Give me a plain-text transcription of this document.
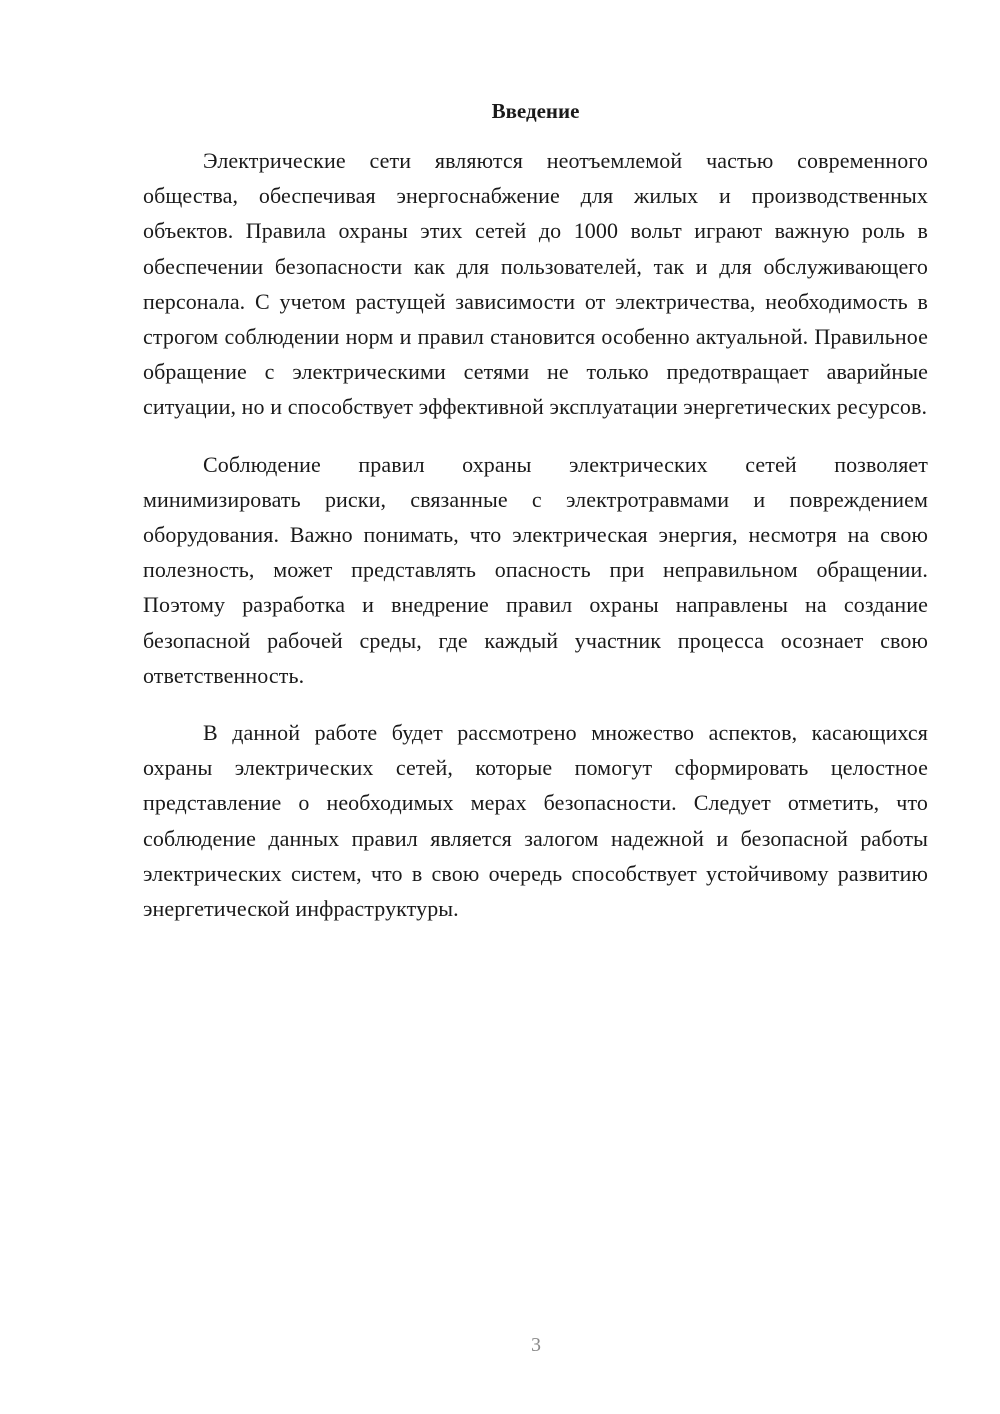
Введение

Электрические сети являются неотъемлемой частью современного общества, обеспечивая энергоснабжение для жилых и производственных объектов. Правила охраны этих сетей до 1000 вольт играют важную роль в обеспечении безопасности как для пользователей, так и для обслуживающего персонала. С учетом растущей зависимости от электричества, необходимость в строгом соблюдении норм и правил становится особенно актуальной. Правильное обращение с электрическими сетями не только предотвращает аварийные ситуации, но и способствует эффективной эксплуатации энергетических ресурсов.

Соблюдение правил охраны электрических сетей позволяет минимизировать риски, связанные с электротравмами и повреждением оборудования. Важно понимать, что электрическая энергия, несмотря на свою полезность, может представлять опасность при неправильном обращении. Поэтому разработка и внедрение правил охраны направлены на создание безопасной рабочей среды, где каждый участник процесса осознает свою ответственность.

В данной работе будет рассмотрено множество аспектов, касающихся охраны электрических сетей, которые помогут сформировать целостное представление о необходимых мерах безопасности. Следует отметить, что соблюдение данных правил является залогом надежной и безопасной работы электрических систем, что в свою очередь способствует устойчивому развитию энергетической инфраструктуры.

3
